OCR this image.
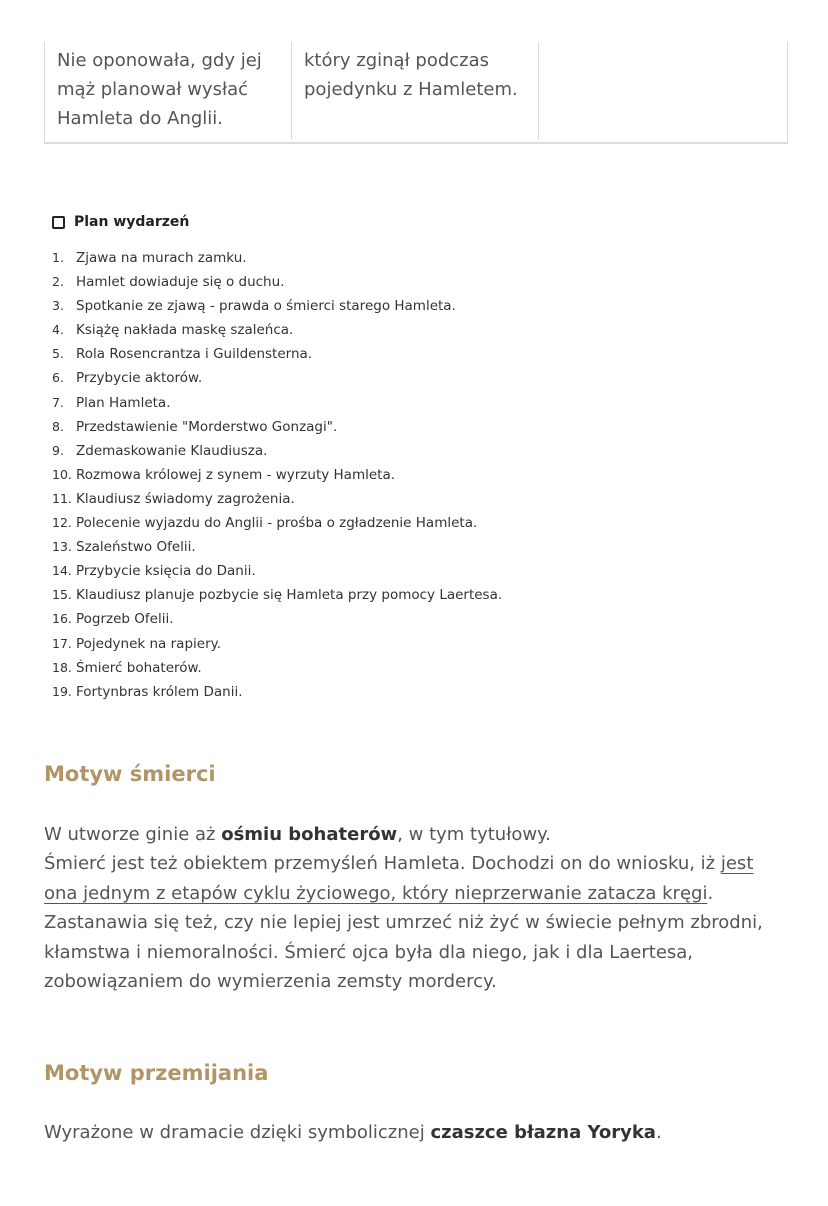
Nie oponowała, gdy jej mąż planował wysłać Hamleta do Anglii.
który zginął podczas pojedynku z Hamletem.
Plan wydarzeń
1. Zjawa na murach zamku.
2. Hamlet dowiaduje się o duchu.
3. Spotkanie ze zjawą - prawda o śmierci starego Hamleta.
4. Książę nakłada maskę szaleńca.
5. Rola Rosencrantza i Guildensterna.
6. Przybycie aktorów.
7. Plan Hamleta.
8. Przedstawienie "Morderstwo Gonzagi".
9. Zdemaskowanie Klaudiusza.
10. Rozmowa królowej z synem - wyrzuty Hamleta.
11. Klaudiusz świadomy zagrożenia.
12. Polecenie wyjazdu do Anglii - prośba o zgładzenie Hamleta.
13. Szaleństwo Ofelii.
14. Przybycie księcia do Danii.
15. Klaudiusz planuje pozbycie się Hamleta przy pomocy Laertesa.
16. Pogrzeb Ofelii.
17. Pojedynek na rapiery.
18. Śmierć bohaterów.
19. Fortynbras królem Danii.
Motyw śmierci

W utworze ginie aż ośmiu bohaterów, w tym tytułowy.

Śmierć jest też obiektem przemyśleń Hamleta. Dochodzi on do wniosku, iż jest ona jednym z etapów cyklu życiowego, który nieprzerwanie zatacza kręgi. Zastanawia się też, czy nie lepiej jest umrzeć niż żyć w świecie pełnym zbrodni, kłamstwa i niemoralności. Śmierć ojca była dla niego, jak i dla Laertesa, zobowiązaniem do wymierzenia zemsty mordercy.

Motyw przemijania

Wyrażone w dramacie dzięki symbolicznej czaszce błazna Yoryka.
